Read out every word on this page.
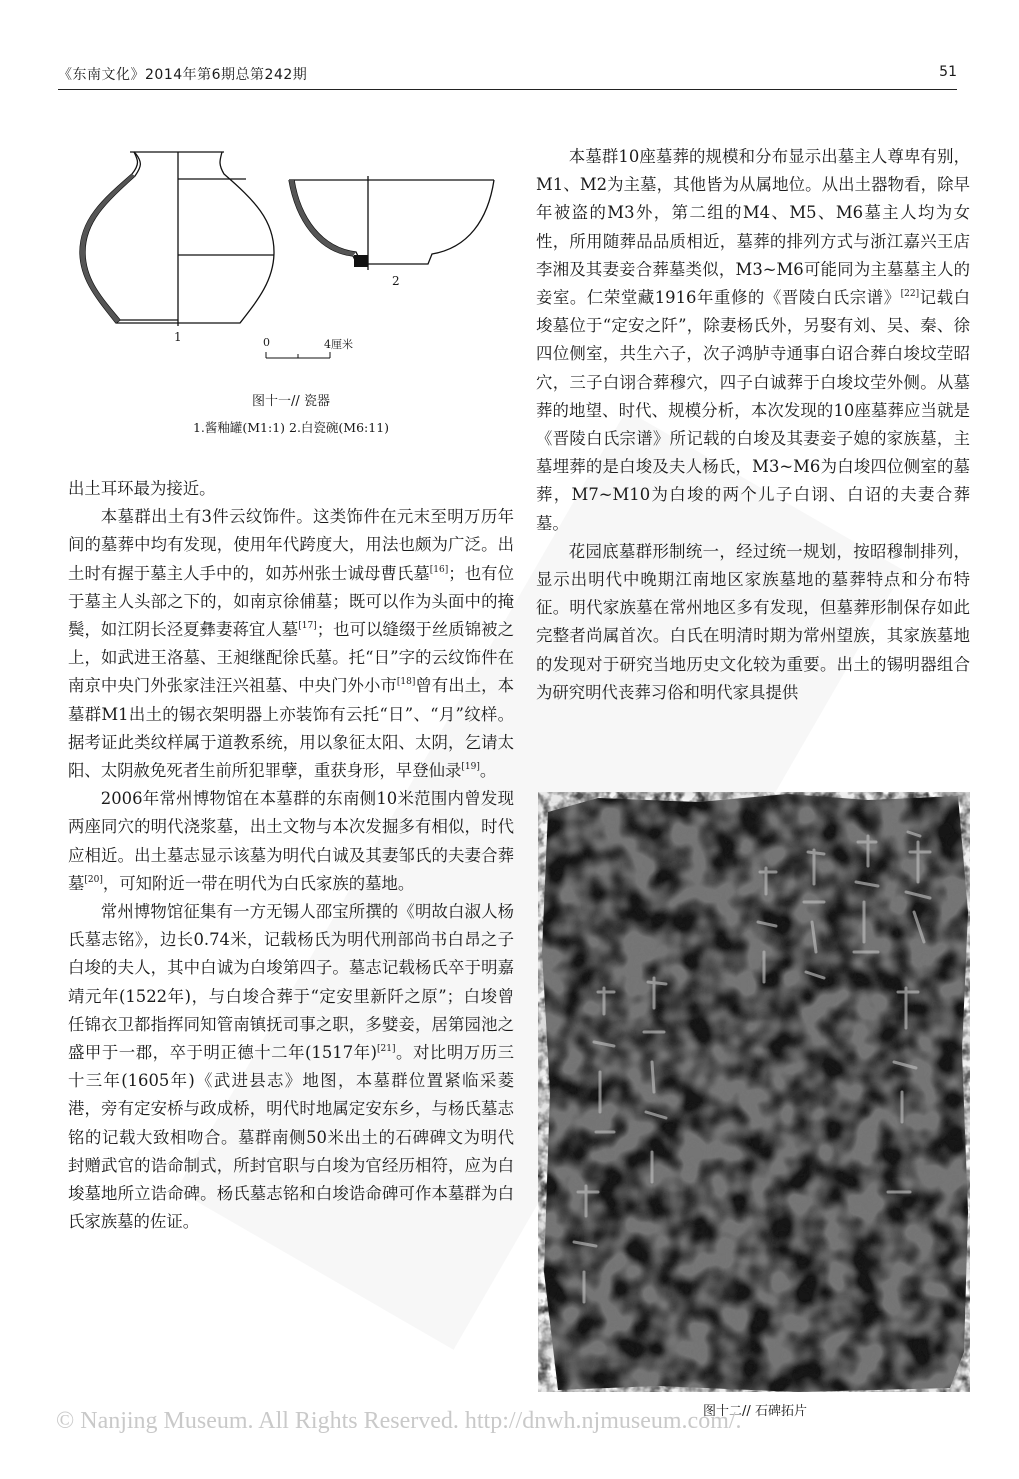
《东南文化》2014年第6期总第242期	51
1
2
0	4厘米
图十一// 瓷器
1.酱釉罐(M1:1) 2.白瓷碗(M6:11)

出土耳环最为接近。

本墓群出土有3件云纹饰件。这类饰件在元末至明万历年间的墓葬中均有发现，使用年代跨度大，用法也颇为广泛。出土时有握于墓主人手中的，如苏州张士诚母曹氏墓[16]；也有位于墓主人头部之下的，如南京徐俌墓；既可以作为头面中的掩鬓，如江阴长泾夏彝妻蒋宜人墓[17]；也可以缝缀于丝质锦被之上，如武进王洛墓、王昶继配徐氏墓。托“日”字的云纹饰件在南京中央门外张家洼汪兴祖墓、中央门外小市[18]曾有出土，本墓群M1出土的锡衣架明器上亦装饰有云托“日”、“月”纹样。据考证此类纹样属于道教系统，用以象征太阳、太阴，乞请太阳、太阴赦免死者生前所犯罪孽，重获身形，早登仙录[19]。

2006年常州博物馆在本墓群的东南侧10米范围内曾发现两座同穴的明代浇浆墓，出土文物与本次发掘多有相似，时代应相近。出土墓志显示该墓为明代白诚及其妻邹氏的夫妻合葬墓[20]，可知附近一带在明代为白氏家族的墓地。

常州博物馆征集有一方无锡人邵宝所撰的《明故白淑人杨氏墓志铭》，边长0.74米，记载杨氏为明代刑部尚书白昂之子白埈的夫人，其中白诚为白埈第四子。墓志记载杨氏卒于明嘉靖元年(1522年)，与白埈合葬于“定安里新阡之原”；白埈曾任锦衣卫都指挥同知管南镇抚司事之职，多嬖妾，居第园池之盛甲于一郡，卒于明正德十二年(1517年)[21]。对比明万历三十三年(1605年)《武进县志》地图，本墓群位置紧临采菱港，旁有定安桥与政成桥，明代时地属定安东乡，与杨氏墓志铭的记载大致相吻合。墓群南侧50米出土的石碑碑文为明代封赠武官的诰命制式，所封官职与白埈为官经历相符，应为白埈墓地所立诰命碑。杨氏墓志铭和白埈诰命碑可作本墓群为白氏家族墓的佐证。

本墓群10座墓葬的规模和分布显示出墓主人尊卑有别，M1、M2为主墓，其他皆为从属地位。从出土器物看，除早年被盗的M3外，第二组的M4、M5、M6墓主人均为女性，所用随葬品品质相近，墓葬的排列方式与浙江嘉兴王店李湘及其妻妾合葬墓类似，M3~M6可能同为主墓墓主人的妾室。仁荣堂藏1916年重修的《晋陵白氏宗谱》[22]记载白埈墓位于“定安之阡”，除妻杨氏外，另娶有刘、吴、秦、徐四位侧室，共生六子，次子鸿胪寺通事白诏合葬白埈坟茔昭穴，三子白诩合葬穆穴，四子白诚葬于白埈坟茔外侧。从墓葬的地望、时代、规模分析，本次发现的10座墓葬应当就是《晋陵白氏宗谱》所记载的白埈及其妻妾子媳的家族墓，主墓埋葬的是白埈及夫人杨氏，M3~M6为白埈四位侧室的墓葬，M7~M10为白埈的两个儿子白诩、白诏的夫妻合葬墓。

花园底墓群形制统一，经过统一规划，按昭穆制排列，显示出明代中晚期江南地区家族墓地的墓葬特点和分布特征。明代家族墓在常州地区多有发现，但墓葬形制保存如此完整者尚属首次。白氏在明清时期为常州望族，其家族墓地的发现对于研究当地历史文化较为重要。出土的锡明器组合为研究明代丧葬习俗和明代家具提供

图十二// 石碑拓片
© Nanjing Museum. All Rights Reserved. http://dnwh.njmuseum.com/.
